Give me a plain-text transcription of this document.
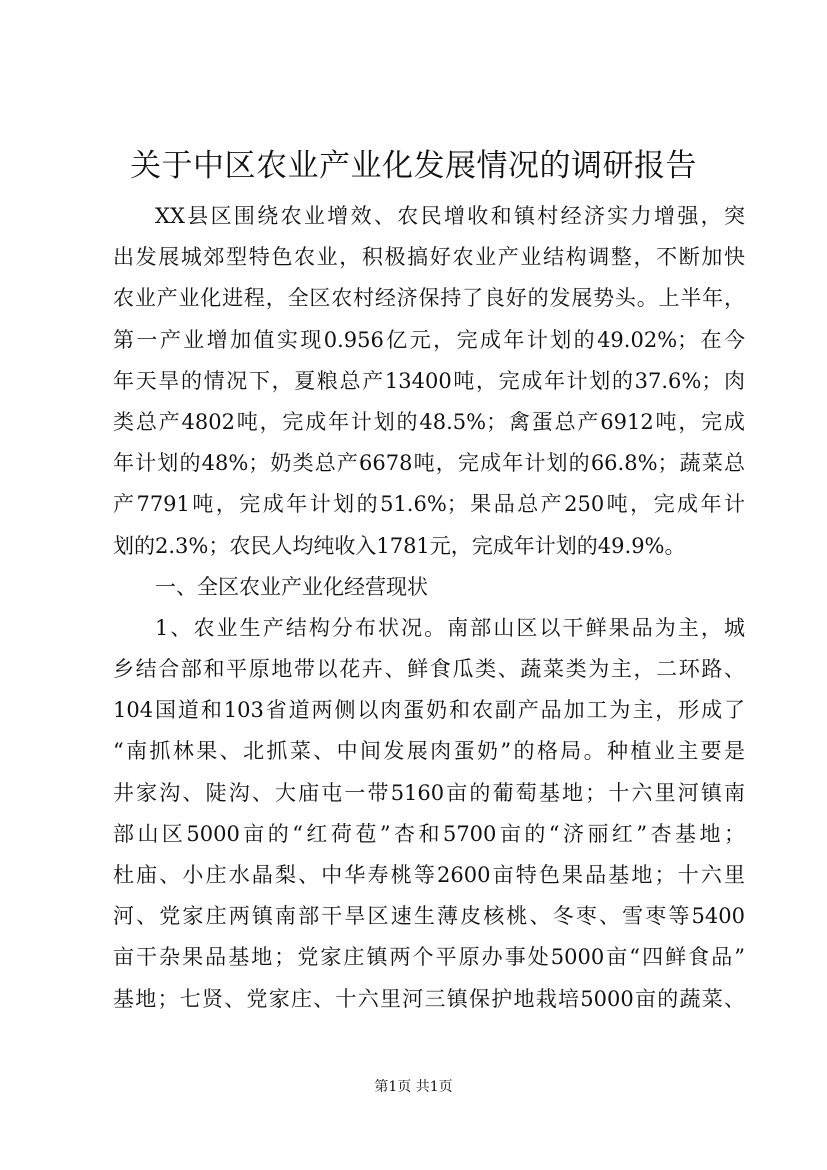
关于中区农业产业化发展情况的调研报告
XX县区围绕农业增效、农民增收和镇村经济实力增强，突
出发展城郊型特色农业，积极搞好农业产业结构调整，不断加快
农业产业化进程，全区农村经济保持了良好的发展势头。上半年，
第一产业增加值实现0.956亿元，完成年计划的49.02%；在今
年天旱的情况下，夏粮总产13400吨，完成年计划的37.6%；肉
类总产4802吨，完成年计划的48.5%；禽蛋总产6912吨，完成
年计划的48%；奶类总产6678吨，完成年计划的66.8%；蔬菜总
产7791吨，完成年计划的51.6%；果品总产250吨，完成年计
划的2.3%；农民人均纯收入1781元，完成年计划的49.9%。
一、全区农业产业化经营现状
1、农业生产结构分布状况。南部山区以干鲜果品为主，城
乡结合部和平原地带以花卉、鲜食瓜类、蔬菜类为主，二环路、
104国道和103省道两侧以肉蛋奶和农副产品加工为主，形成了
“南抓林果、北抓菜、中间发展肉蛋奶”的格局。种植业主要是
井家沟、陡沟、大庙屯一带5160亩的葡萄基地；十六里河镇南
部山区5000亩的“红荷苞”杏和5700亩的“济丽红”杏基地；
杜庙、小庄水晶梨、中华寿桃等2600亩特色果品基地；十六里
河、党家庄两镇南部干旱区速生薄皮核桃、冬枣、雪枣等5400
亩干杂果品基地；党家庄镇两个平原办事处5000亩“四鲜食品”
基地；七贤、党家庄、十六里河三镇保护地栽培5000亩的蔬菜、
第1页 共1页
